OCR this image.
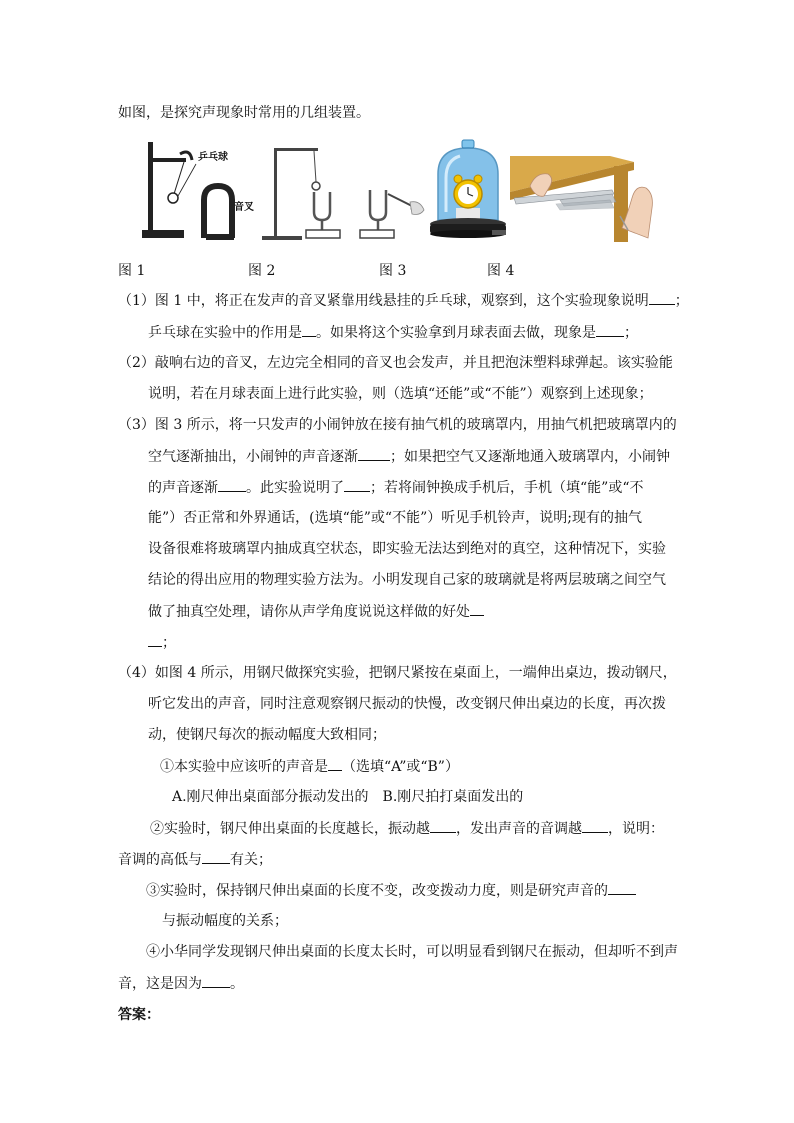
如图，是探究声现象时常用的几组装置。
乒乓球
音叉
图 1	图 2	图 3	图 4
（1）图 1 中，将正在发声的音叉紧靠用线悬挂的乒乓球，观察到，这个实验现象说明 ；
乒乓球在实验中的作用是 。如果将这个实验拿到月球表面去做，现象是 ；
（2）敲响右边的音叉，左边完全相同的音叉也会发声，并且把泡沫塑料球弹起。该实验能
说明，若在月球表面上进行此实验，则（选填“还能”或“不能”）观察到上述现象；
（3）图 3 所示，将一只发声的小闹钟放在接有抽气机的玻璃罩内，用抽气机把玻璃罩内的
空气逐渐抽出，小闹钟的声音逐渐 ；如果把空气又逐渐地通入玻璃罩内，小闹钟
的声音逐渐 。此实验说明了 ；若将闹钟换成手机后，手机（填“能”或“不
能”）否正常和外界通话，(选填“能”或“不能”）听见手机铃声，说明;现有的抽气
设备很难将玻璃罩内抽成真空状态，即实验无法达到绝对的真空，这种情况下，实验
结论的得出应用的物理实验方法为。小明发现自己家的玻璃就是将两层玻璃之间空气
做了抽真空处理，请你从声学角度说说这样做的好处
；
（4）如图 4 所示，用钢尺做探究实验，把钢尺紧按在桌面上，一端伸出桌边，拨动钢尺，
听它发出的声音，同时注意观察钢尺振动的快慢，改变钢尺伸出桌边的长度，再次拨
动，使钢尺每次的振动幅度大致相同；
①本实验中应该听的声音是 （选填“A”或“B”）
A.刚尺伸出桌面部分振动发出的　B.刚尺拍打桌面发出的
②实验时，钢尺伸出桌面的长度越长，振动越 ，发出声音的音调越 ，说明：
音调的高低与 有关；
③实验时，保持钢尺伸出桌面的长度不变，改变拨动力度，则是研究声音的
与振动幅度的关系；
④小华同学发现钢尺伸出桌面的长度太长时，可以明显看到钢尺在振动，但却听不到声
音，这是因为 。
答案：
